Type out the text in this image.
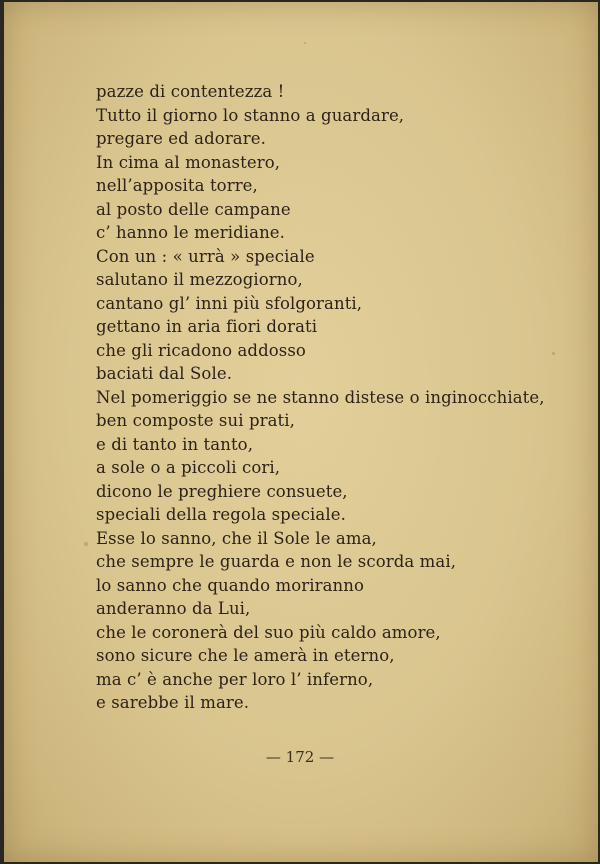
pazze di contentezza !
Tutto il giorno lo stanno a guardare,
pregare ed adorare.
In cima al monastero,
nell’apposita torre,
al posto delle campane
c’ hanno le meridiane.
Con un : « urrà » speciale
salutano il mezzogiorno,
cantano gl’ inni più sfolgoranti,
gettano in aria fiori dorati
che gli ricadono addosso
baciati dal Sole.
Nel pomeriggio se ne stanno distese o inginocchiate,
ben composte sui prati,
e di tanto in tanto,
a sole o a piccoli cori,
dicono le preghiere consuete,
speciali della regola speciale.
Esse lo sanno, che il Sole le ama,
che sempre le guarda e non le scorda mai,
lo sanno che quando moriranno
anderanno da Lui,
che le coronerà del suo più caldo amore,
sono sicure che le amerà in eterno,
ma c’ è anche per loro l’ inferno,
e sarebbe il mare.
— 172 —
